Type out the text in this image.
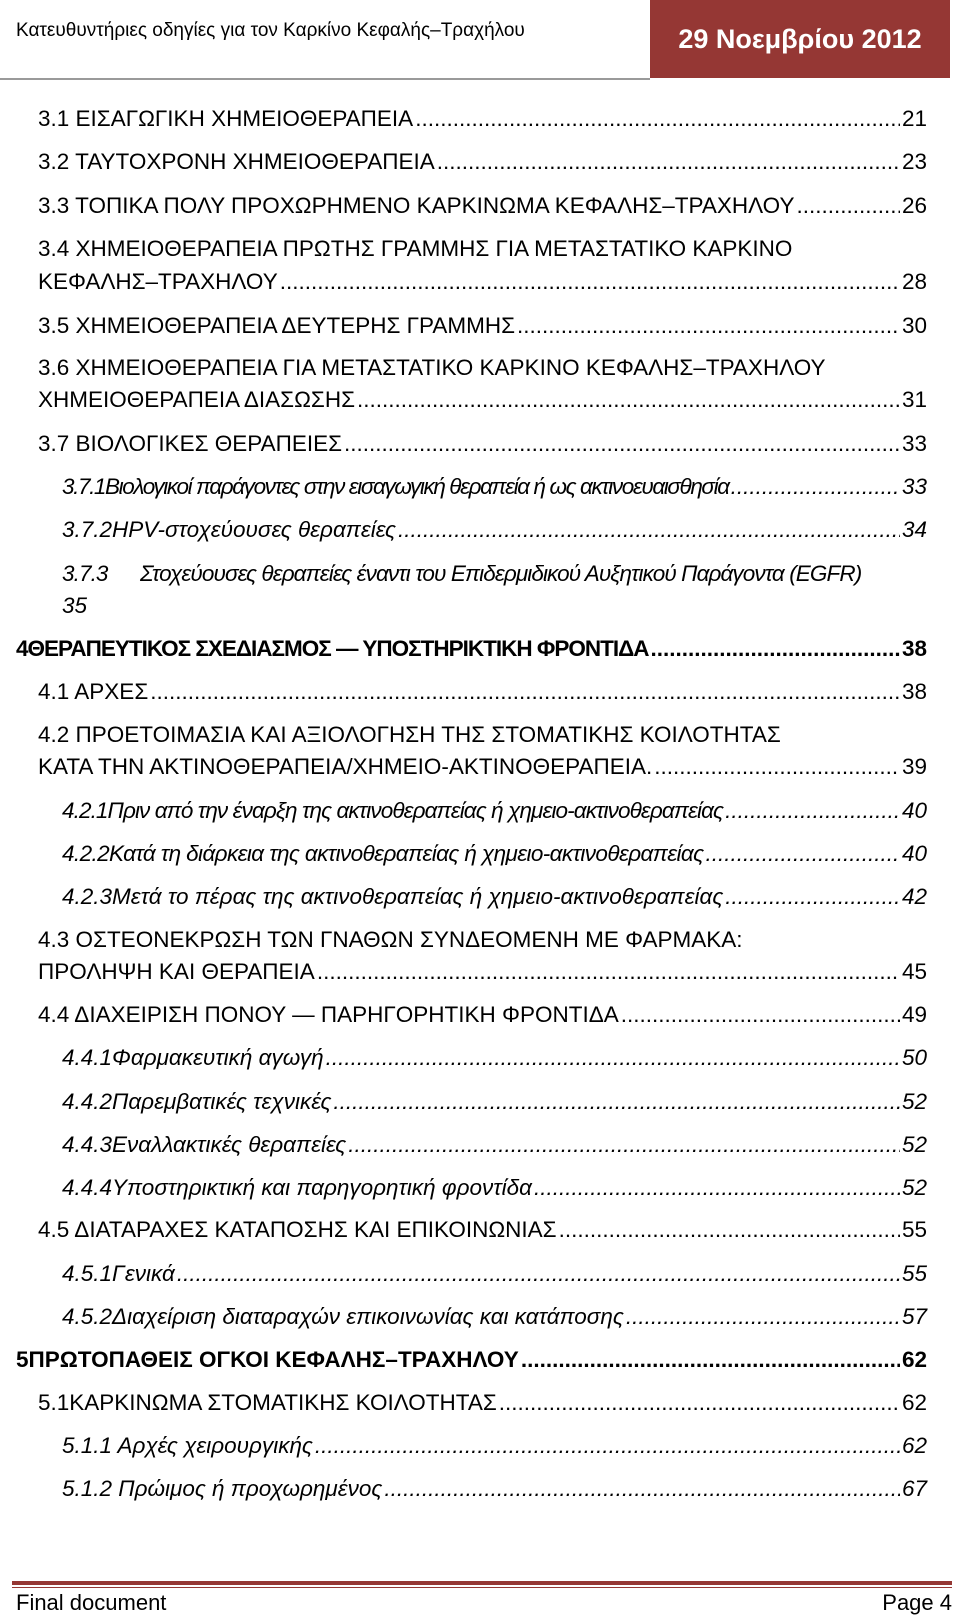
Κατευθυντήριες οδηγίες για τον Καρκίνο Κεφαλής–Τραχήλου	29 Νοεμβρίου 2012
3.1 ΕΙΣΑΓΩΓΙΚΗ ΧΗΜΕΙΟΘΕΡΑΠΕΙΑ .....	21
3.2 ΤΑΥΤΟΧΡΟΝΗ ΧΗΜΕΙΟΘΕΡΑΠΕΙΑ .....	23
3.3 ΤΟΠΙΚΑ ΠΟΛΥ ΠΡΟΧΩΡΗΜΕΝΟ ΚΑΡΚΙΝΩΜΑ ΚΕΦΑΛΗΣ–ΤΡΑΧΗΛΟΥ .....	26
3.4 ΧΗΜΕΙΟΘΕΡΑΠΕΙΑ ΠΡΩΤΗΣ ΓΡΑΜΜΗΣ ΓΙΑ ΜΕΤΑΣΤΑΤΙΚΟ ΚΑΡΚΙΝΟ
ΚΕΦΑΛΗΣ–ΤΡΑΧΗΛΟΥ .....	28
3.5 ΧΗΜΕΙΟΘΕΡΑΠΕΙΑ ΔΕΥΤΕΡΗΣ ΓΡΑΜΜΗΣ .....	30
3.6 ΧΗΜΕΙΟΘΕΡΑΠΕΙΑ ΓΙΑ ΜΕΤΑΣΤΑΤΙΚΟ ΚΑΡΚΙΝΟ ΚΕΦΑΛΗΣ–ΤΡΑΧΗΛΟΥ
ΧΗΜΕΙΟΘΕΡΑΠΕΙΑ ΔΙΑΣΩΣΗΣ .....	31
3.7 ΒΙΟΛΟΓΙΚΕΣ ΘΕΡΑΠΕΙΕΣ .....	33
3.7.1 Βιολογικοί παράγοντες στην εισαγωγική θεραπεία ή ως ακτινοευαισθησία .....	33
3.7.2 HPV-στοχεύουσες θεραπείες .....	34
3.7.3 Στοχεύουσες θεραπείες έναντι του Επιδερμιδικού Αυξητικού Παράγοντα (EGFR)
35
4 ΘΕΡΑΠΕΥΤΙΚΟΣ ΣΧΕΔΙΑΣΜΟΣ — ΥΠΟΣΤΗΡΙΚΤΙΚΗ ΦΡΟΝΤΙΔΑ .....	38
4.1 ΑΡΧΕΣ .....	38
4.2 ΠΡΟΕΤΟΙΜΑΣΙΑ ΚΑΙ ΑΞΙΟΛΟΓΗΣΗ ΤΗΣ ΣΤΟΜΑΤΙΚΗΣ ΚΟΙΛΟΤΗΤΑΣ
ΚΑΤΑ ΤΗΝ ΑΚΤΙΝΟΘΕΡΑΠΕΙΑ/ΧΗΜΕΙΟ-ΑΚΤΙΝΟΘΕΡΑΠΕΙΑ. .....	39
4.2.1 Πριν από την έναρξη της ακτινοθεραπείας ή χημειο-ακτινοθεραπείας .....	40
4.2.2 Κατά τη διάρκεια της ακτινοθεραπείας ή χημειο-ακτινοθεραπείας .....	40
4.2.3 Μετά το πέρας της ακτινοθεραπείας ή χημειο-ακτινοθεραπείας .....	42
4.3 ΟΣΤΕΟΝΕΚΡΩΣΗ ΤΩΝ ΓΝΑΘΩΝ ΣΥΝΔΕΟΜΕΝΗ ΜΕ ΦΑΡΜΑΚΑ:
ΠΡΟΛΗΨΗ ΚΑΙ ΘΕΡΑΠΕΙΑ .....	45
4.4 ΔΙΑΧΕΙΡΙΣΗ ΠΟΝΟΥ — ΠΑΡΗΓΟΡΗΤΙΚΗ ΦΡΟΝΤΙΔΑ .....	49
4.4.1 Φαρμακευτική αγωγή .....	50
4.4.2 Παρεμβατικές τεχνικές .....	52
4.4.3 Εναλλακτικές θεραπείες .....	52
4.4.4 Υποστηρικτική και παρηγορητική φροντίδα .....	52
4.5 ΔΙΑΤΑΡΑΧΕΣ ΚΑΤΑΠΟΣΗΣ ΚΑΙ ΕΠΙΚΟΙΝΩΝΙΑΣ .....	55
4.5.1 Γενικά .....	55
4.5.2 Διαχείριση διαταραχών επικοινωνίας και κατάποσης .....	57
5 ΠΡΩΤΟΠΑΘΕΙΣ ΟΓΚΟΙ ΚΕΦΑΛΗΣ–ΤΡΑΧΗΛΟΥ .....	62
5.1 ΚΑΡΚΙΝΩΜΑ ΣΤΟΜΑΤΙΚΗΣ ΚΟΙΛΟΤΗΤΑΣ .....	62
5.1.1 Αρχές χειρουργικής .....	62
5.1.2 Πρώιμος ή προχωρημένος .....	67
Final document	Page 4
